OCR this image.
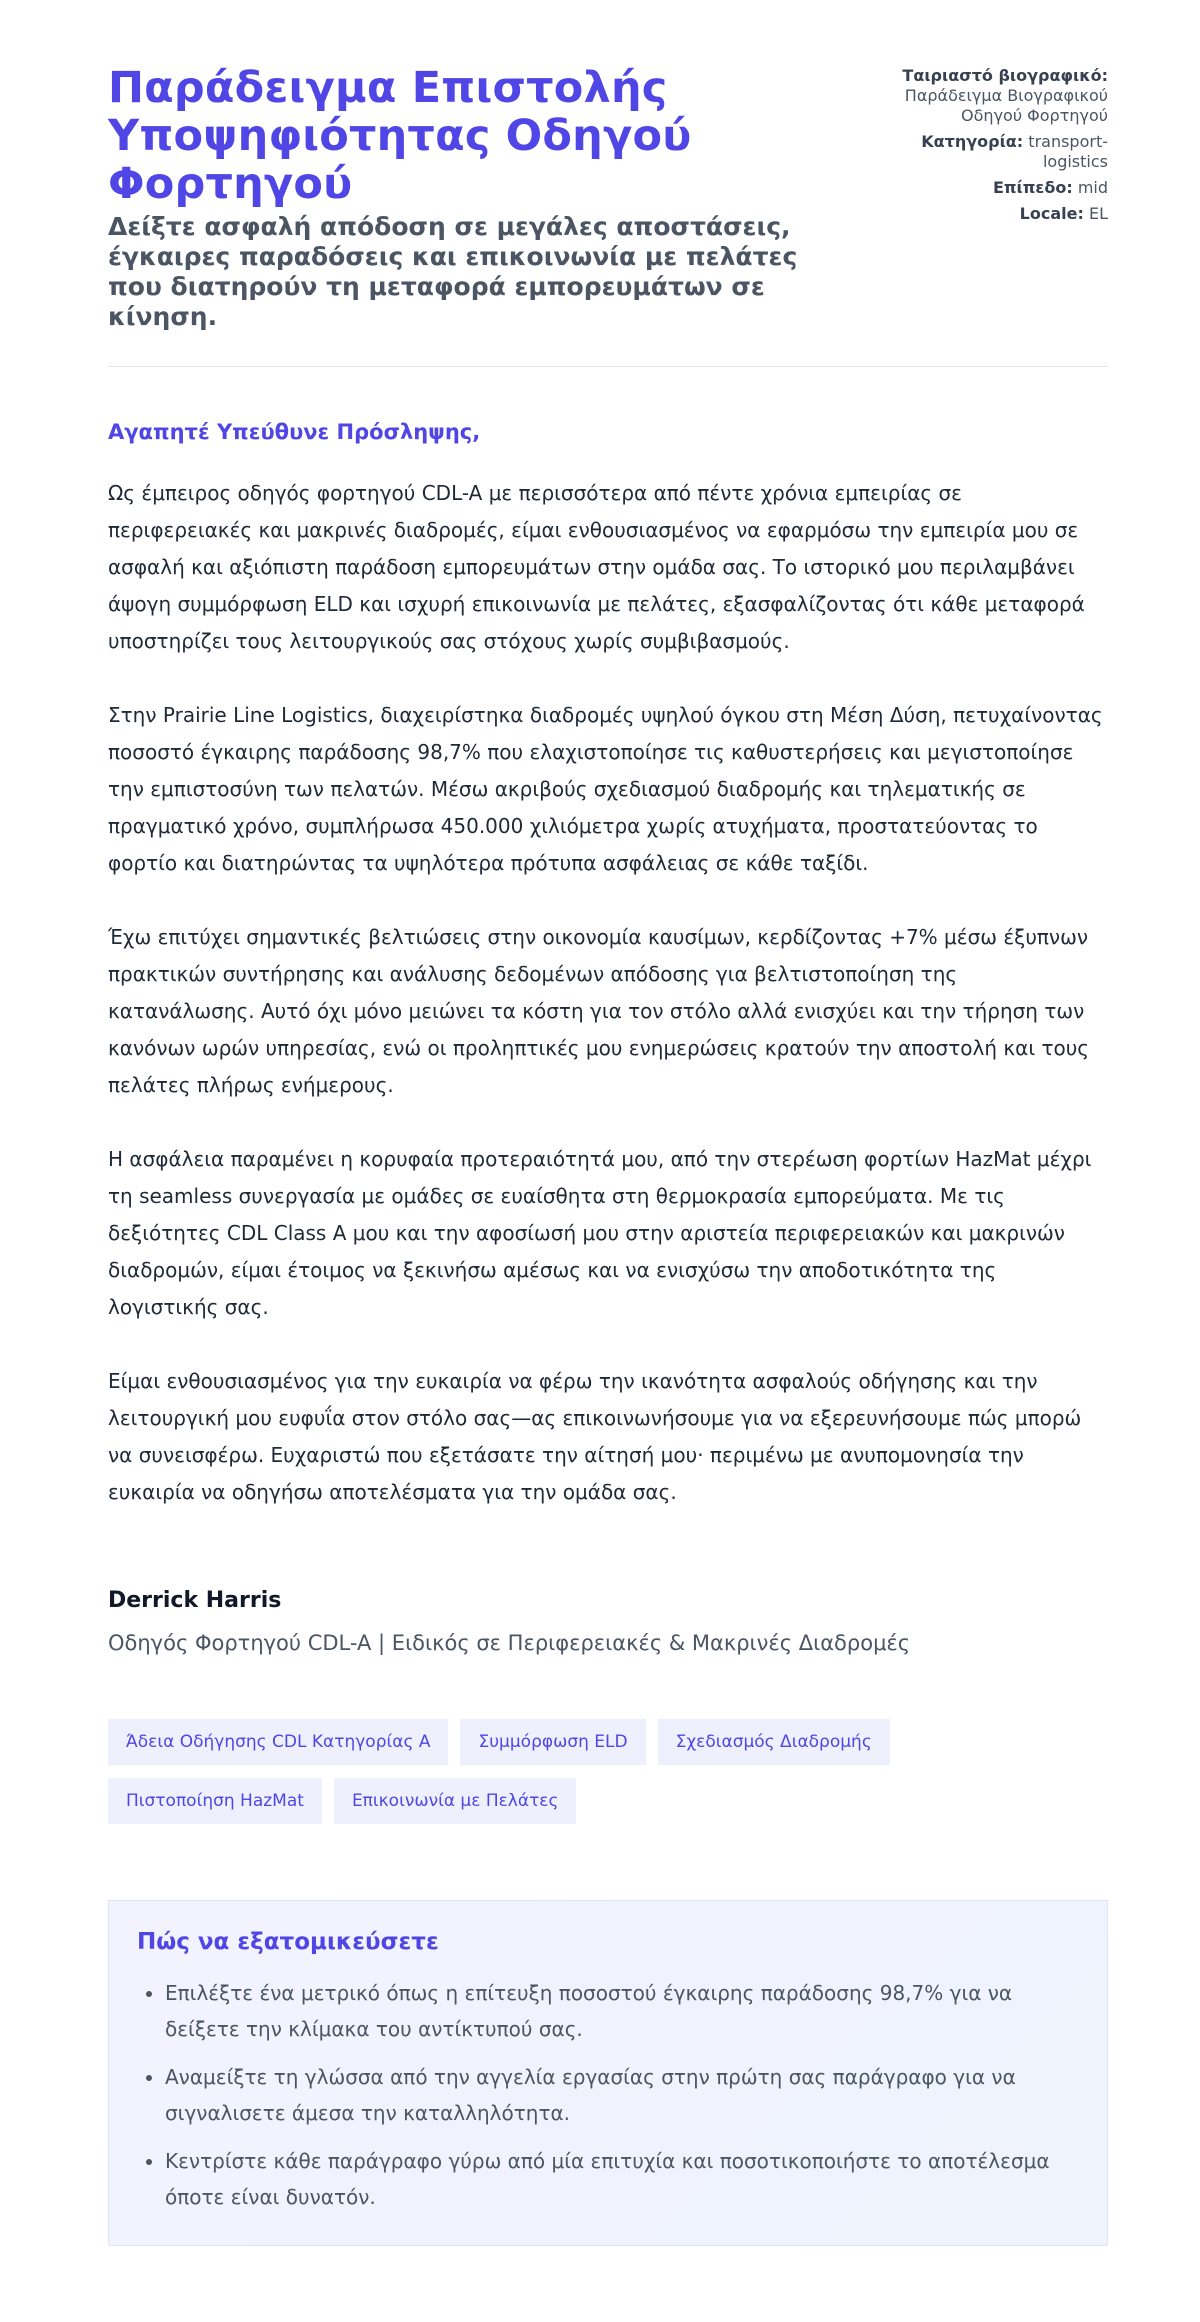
Παράδειγμα Επιστολής Υποψηφιότητας Οδηγού Φορτηγού
Δείξτε ασφαλή απόδοση σε μεγάλες αποστάσεις, έγκαιρες παραδόσεις και επικοινωνία με πελάτες που διατηρούν τη μεταφορά εμπορευμάτων σε κίνηση.
Ταιριαστό βιογραφικό: Παράδειγμα Βιογραφικού Οδηγού Φορτηγού
Κατηγορία: transport-logistics
Επίπεδο: mid
Locale: EL
Αγαπητέ Υπεύθυνε Πρόσληψης,

Ως έμπειρος οδηγός φορτηγού CDL-A με περισσότερα από πέντε χρόνια εμπειρίας σε περιφερειακές και μακρινές διαδρομές, είμαι ενθουσιασμένος να εφαρμόσω την εμπειρία μου σε ασφαλή και αξιόπιστη παράδοση εμπορευμάτων στην ομάδα σας. Το ιστορικό μου περιλαμβάνει άψογη συμμόρφωση ELD και ισχυρή επικοινωνία με πελάτες, εξασφαλίζοντας ότι κάθε μεταφορά υποστηρίζει τους λειτουργικούς σας στόχους χωρίς συμβιβασμούς.

Στην Prairie Line Logistics, διαχειρίστηκα διαδρομές υψηλού όγκου στη Μέση Δύση, πετυχαίνοντας ποσοστό έγκαιρης παράδοσης 98,7% που ελαχιστοποίησε τις καθυστερήσεις και μεγιστοποίησε την εμπιστοσύνη των πελατών. Μέσω ακριβούς σχεδιασμού διαδρομής και τηλεματικής σε πραγματικό χρόνο, συμπλήρωσα 450.000 χιλιόμετρα χωρίς ατυχήματα, προστατεύοντας το φορτίο και διατηρώντας τα υψηλότερα πρότυπα ασφάλειας σε κάθε ταξίδι.

Έχω επιτύχει σημαντικές βελτιώσεις στην οικονομία καυσίμων, κερδίζοντας +7% μέσω έξυπνων πρακτικών συντήρησης και ανάλυσης δεδομένων απόδοσης για βελτιστοποίηση της κατανάλωσης. Αυτό όχι μόνο μειώνει τα κόστη για τον στόλο αλλά ενισχύει και την τήρηση των κανόνων ωρών υπηρεσίας, ενώ οι προληπτικές μου ενημερώσεις κρατούν την αποστολή και τους πελάτες πλήρως ενήμερους.

Η ασφάλεια παραμένει η κορυφαία προτεραιότητά μου, από την στερέωση φορτίων HazMat μέχρι τη seamless συνεργασία με ομάδες σε ευαίσθητα στη θερμοκρασία εμπορεύματα. Με τις δεξιότητες CDL Class A μου και την αφοσίωσή μου στην αριστεία περιφερειακών και μακρινών διαδρομών, είμαι έτοιμος να ξεκινήσω αμέσως και να ενισχύσω την αποδοτικότητα της λογιστικής σας.

Είμαι ενθουσιασμένος για την ευκαιρία να φέρω την ικανότητα ασφαλούς οδήγησης και την λειτουργική μου ευφυΐα στον στόλο σας—ας επικοινωνήσουμε για να εξερευνήσουμε πώς μπορώ να συνεισφέρω. Ευχαριστώ που εξετάσατε την αίτησή μου· περιμένω με ανυπομονησία την ευκαιρία να οδηγήσω αποτελέσματα για την ομάδα σας.

Derrick Harris
Οδηγός Φορτηγού CDL-A | Ειδικός σε Περιφερειακές & Μακρινές Διαδρομές
Άδεια Οδήγησης CDL Κατηγορίας A	Συμμόρφωση ELD	Σχεδιασμός Διαδρομής
Πιστοποίηση HazMat	Επικοινωνία με Πελάτες
Πώς να εξατομικεύσετε
• Επιλέξτε ένα μετρικό όπως η επίτευξη ποσοστού έγκαιρης παράδοσης 98,7% για να δείξετε την κλίμακα του αντίκτυπού σας.
• Αναμείξτε τη γλώσσα από την αγγελία εργασίας στην πρώτη σας παράγραφο για να σιγναλισετε άμεσα την καταλληλότητα.
• Κεντρίστε κάθε παράγραφο γύρω από μία επιτυχία και ποσοτικοποιήστε το αποτέλεσμα όποτε είναι δυνατόν.
